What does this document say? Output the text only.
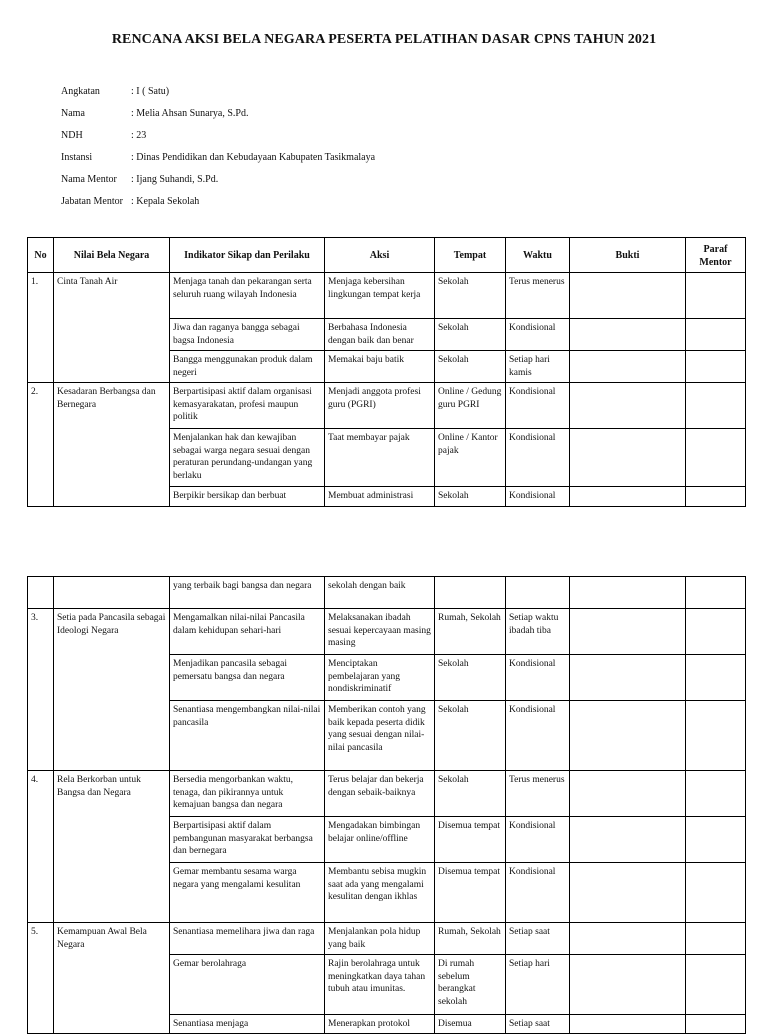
RENCANA AKSI BELA NEGARA PESERTA PELATIHAN DASAR CPNS TAHUN 2021
Angkatan	: I ( Satu)
Nama	: Melia Ahsan Sunarya, S.Pd.
NDH	: 23
Instansi	: Dinas Pendidikan dan Kebudayaan Kabupaten Tasikmalaya
Nama Mentor : Ijang Suhandi, S.Pd.
Jabatan Mentor : Kepala Sekolah
No	Nilai Bela Negara	Indikator Sikap dan Perilaku	Aksi	Tempat	Waktu	Bukti	Paraf Mentor
1.	Cinta Tanah Air	Menjaga tanah dan pekarangan serta seluruh ruang wilayah Indonesia	Menjaga kebersihan lingkungan tempat kerja	Sekolah	Terus menerus		
		Jiwa dan raganya bangga sebagai bagsa Indonesia	Berbahasa Indonesia dengan baik dan benar	Sekolah	Kondisional		
		Bangga menggunakan produk dalam negeri	Memakai baju batik	Sekolah	Setiap hari kamis		
2.	Kesadaran Berbangsa dan Bernegara	Berpartisipasi aktif dalam organisasi kemasyarakatan, profesi maupun politik	Menjadi anggota profesi guru (PGRI)	Online / Gedung guru PGRI	Kondisional		
		Menjalankan hak dan kewajiban sebagai warga negara sesuai dengan peraturan perundang-undangan yang berlaku	Taat membayar pajak	Online / Kantor pajak	Kondisional		
		Berpikir bersikap dan berbuat	Membuat administrasi	Sekolah	Kondisional		
		yang terbaik bagi bangsa dan negara	sekolah dengan baik				
3.	Setia pada Pancasila sebagai Ideologi Negara	Mengamalkan nilai-nilai Pancasila dalam kehidupan sehari-hari	Melaksanakan ibadah sesuai kepercayaan masing masing	Rumah, Sekolah	Setiap waktu ibadah tiba		
		Menjadikan pancasila sebagai pemersatu bangsa dan negara	Menciptakan pembelajaran yang nondiskriminatif	Sekolah	Kondisional		
		Senantiasa mengembangkan nilai-nilai pancasila	Memberikan contoh yang baik kepada peserta didik yang sesuai dengan nilai-nilai pancasila	Sekolah	Kondisional		
4.	Rela Berkorban untuk Bangsa dan Negara	Bersedia mengorbankan waktu, tenaga, dan pikirannya untuk kemajuan bangsa dan negara	Terus belajar dan bekerja dengan sebaik-baiknya	Sekolah	Terus menerus		
		Berpartisipasi aktif dalam pembangunan masyarakat berbangsa dan bernegara	Mengadakan bimbingan belajar online/offline	Disemua tempat	Kondisional		
		Gemar membantu sesama warga negara yang mengalami kesulitan	Membantu sebisa mugkin saat ada yang mengalami kesulitan dengan ikhlas	Disemua tempat	Kondisional		
5.	Kemampuan Awal Bela Negara	Senantiasa memelihara jiwa dan raga	Menjalankan pola hidup yang baik	Rumah, Sekolah	Setiap saat		
		Gemar berolahraga	Rajin berolahraga untuk meningkatkan daya tahan tubuh atau imunitas.	Di rumah sebelum berangkat sekolah	Setiap hari		
		Senantiasa menjaga	Menerapkan protokol	Disemua	Setiap saat		
